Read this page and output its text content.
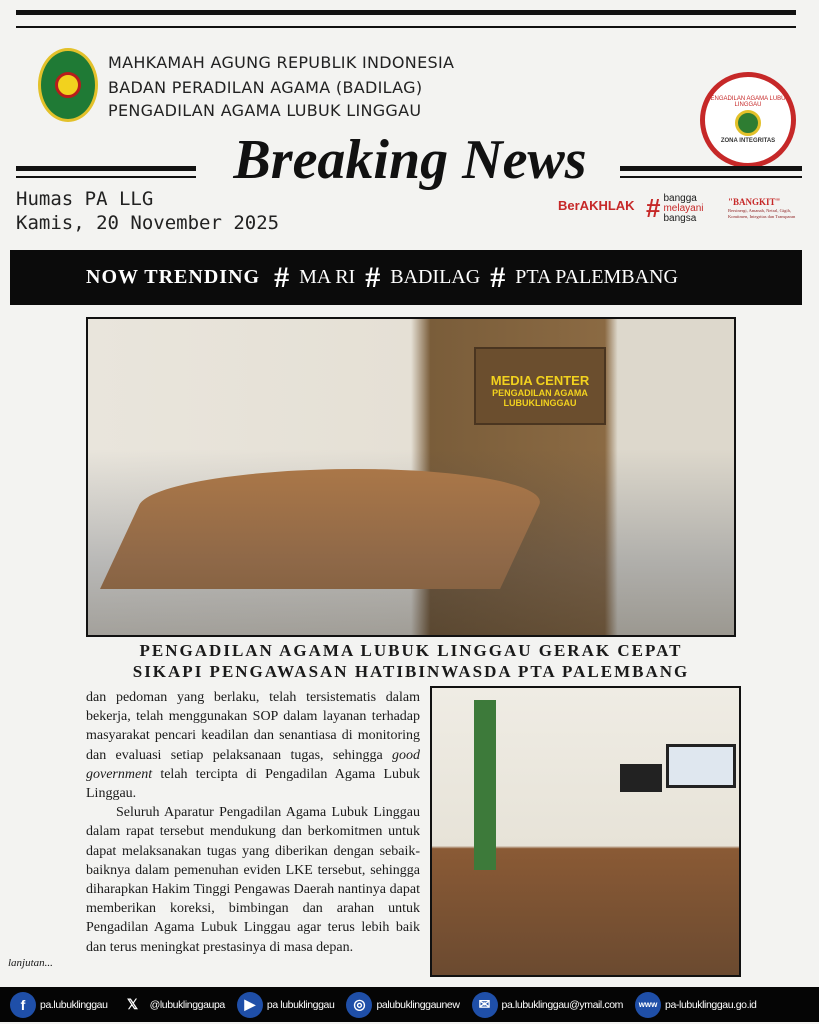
MAHKAMAH AGUNG REPUBLIK INDONESIA
BADAN PERADILAN AGAMA (BADILAG)
PENGADILAN AGAMA LUBUK LINGGAU
PENGADILAN AGAMA LUBUK LINGGAU
ZONA INTEGRITAS
Breaking News
Humas PA LLG
Kamis, 20 November 2025
BerAKHLAK # bangga
melayani
bangsa
"BANGKIT"
Bersinergi, Amanah, Netral, Gigih, Komitmen, Integritas dan Transparan
NOW TRENDING # MA RI # BADILAG # PTA PALEMBANG
MEDIA CENTER
PENGADILAN AGAMA
LUBUKLINGGAU
PENGADILAN AGAMA LUBUK LINGGAU GERAK CEPAT
SIKAPI PENGAWASAN HATIBINWASDA PTA PALEMBANG

dan pedoman yang berlaku, telah tersistematis dalam bekerja, telah menggunakan SOP dalam layanan terhadap masyarakat pencari keadilan dan senantiasa di monitoring dan evaluasi setiap pelaksanaan tugas, sehingga good government telah tercipta di Pengadilan Agama Lubuk Linggau.

Seluruh Aparatur Pengadilan Agama Lubuk Linggau dalam rapat tersebut mendukung dan berkomitmen untuk dapat melaksanakan tugas yang diberikan dengan sebaik-baiknya dalam pemenuhan eviden LKE tersebut, sehingga diharapkan Hakim Tinggi Pengawas Daerah nantinya dapat memberikan koreksi, bimbingan dan arahan untuk Pengadilan Agama Lubuk Linggau agar terus lebih baik dan terus meningkat prestasinya di masa depan.

lanjutan...
f	pa.lubuklinggau	𝕏	@lubuklinggaupa	▶	pa lubuklinggau	◎	palubuklinggaunew	✉	pa.lubuklinggau@ymail.com	www pa-lubuklinggau.go.id
